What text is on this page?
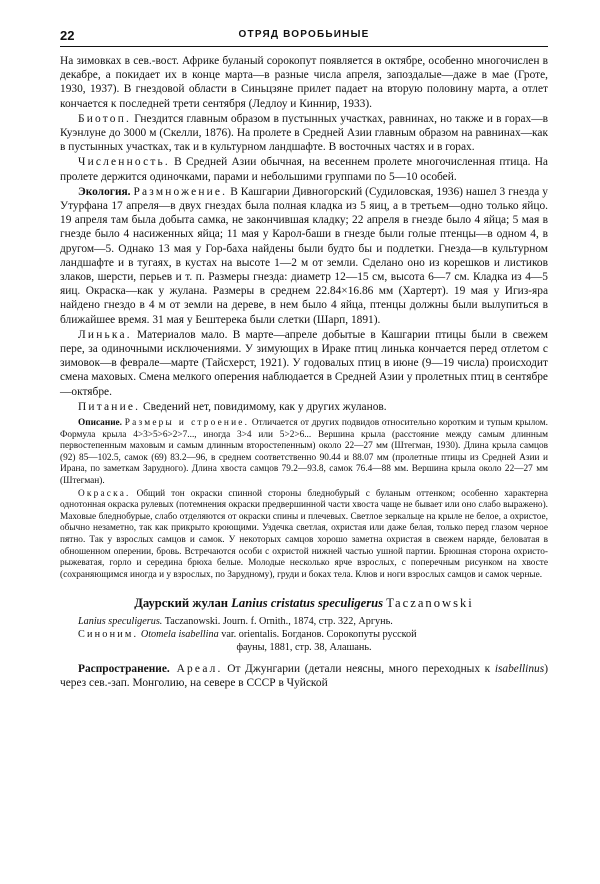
22	ОТРЯД ВОРОБЬИНЫЕ

На зимовках в сев.-вост. Африке буланый сорокопут появляется в октябре, особенно многочислен в декабре, а покидает их в конце марта—в разные числа апреля, запоздалые—даже в мае (Гроте, 1930, 1937). В гнездовой области в Синьцзяне прилет падает на вторую половину марта, а отлет кончается к последней трети сентября (Ледлоу и Киннир, 1933).

Биотоп. Гнездится главным образом в пустынных участках, равнинах, но также и в горах—в Куэнлуне до 3000 м (Скелли, 1876). На пролете в Средней Азии главным образом на равнинах—как в пустынных участках, так и в культурном ландшафте. В восточных частях и в горах.

Численность. В Средней Азии обычная, на весеннем пролете многочисленная птица. На пролете держится одиночками, парами и небольшими группами по 5—10 особей.

Экология. Размножение. В Кашгарии Дивногорский (Судиловская, 1936) нашел 3 гнезда у Утурфана 17 апреля—в двух гнездах была полная кладка из 5 яиц, а в третьем—одно только яйцо. 19 апреля там была добыта самка, не закончившая кладку; 22 апреля в гнезде было 4 яйца; 5 мая в гнезде было 4 насиженных яйца; 11 мая у Карол-баши в гнезде были голые птенцы—в одном 4, в другом—5. Однако 13 мая у Гор-баха найдены были будто бы и подлетки. Гнезда—в культурном ландшафте и в тугаях, в кустах на высоте 1—2 м от земли. Сделано оно из корешков и листиков злаков, шерсти, перьев и т. п. Размеры гнезда: диаметр 12—15 см, высота 6—7 см. Кладка из 4—5 яиц. Окраска—как у жулана. Размеры в среднем 22.84×16.86 мм (Хартерт). 19 мая у Игиз-яра найдено гнездо в 4 м от земли на дереве, в нем было 4 яйца, птенцы должны были вылупиться в ближайшее время. 31 мая у Бештерека были слетки (Шарп, 1891).

Линька. Материалов мало. В марте—апреле добытые в Кашгарии птицы были в свежем пере, за одиночными исключениями. У зимующих в Ираке птиц линька кончается перед отлетом с зимовок—в феврале—марте (Тайсхерст, 1921). У годовалых птиц в июне (9—19 числа) происходит смена маховых. Смена мелкого оперения наблюдается в Средней Азии у пролетных птиц в сентябре—октябре.

Питание. Сведений нет, повидимому, как у других жуланов.

Описание. Размеры и строение. Отличается от других подвидов относительно коротким и тупым крылом. Формула крыла 4>3>5>6>2>7..., иногда 3>4 или 5>2>6... Вершина крыла (расстояние между самым длинным первостепенным маховым и самым длинным второстепенным) около 22—27 мм (Штегман, 1930). Длина крыла самцов (92) 85—102.5, самок (69) 83.2—96, в среднем соответственно 90.44 и 88.07 мм (пролетные птицы из Средней Азии и Ирана, по заметкам Зарудного). Длина хвоста самцов 79.2—93.8, самок 76.4—88 мм. Вершина крыла около 22—27 мм (Штегман).

Окраска. Общий тон окраски спинной стороны бледнобурый с буланым оттенком; особенно характерна однотонная окраска рулевых (потемнения окраски предвершинной части хвоста чаще не бывает или оно слабо выражено). Маховые бледнобурые, слабо отделяются от окраски спины и плечевых. Светлое зеркальце на крыле не белое, а охристое, обычно незаметно, так как прикрыто кроющими. Уздечка светлая, охристая или даже белая, только перед глазом черное пятно. Так у взрослых самцов и самок. У некоторых самцов хорошо заметна охристая в свежем наряде, беловатая в обношенном оперении, бровь. Встречаются особи с охристой нижней частью ушной партии. Брюшная сторона охристо-рыжеватая, горло и середина брюха белые. Молодые несколько ярче взрослых, с поперечным рисунком на хвосте (сохраняющимся иногда и у взрослых, по Зарудному), груди и боках тела. Клюв и ноги взрослых самцов и самок черные.

Даурский жулан Lanius cristatus speculigerus Taczanowski

Lanius speculigerus. Taczanowski. Journ. f. Ornith., 1874, стр. 322, Аргунь.

Синоним. Otomela isabellina var. orientalis. Богданов. Сорокопуты русской

фауны, 1881, стр. 38, Алашань.

Распространение. Ареал. От Джунгарии (детали неясны, много переходных к isabellinus) через сев.-зап. Монголию, на севере в СССР в Чуйской
